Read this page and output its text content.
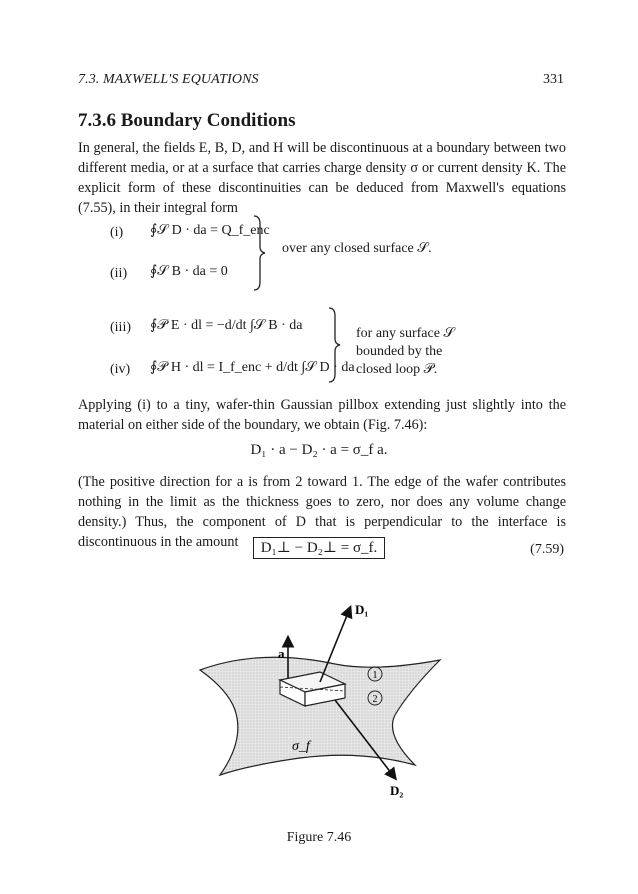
7.3. MAXWELL'S EQUATIONS	331
7.3.6 Boundary Conditions

In general, the fields E, B, D, and H will be discontinuous at a boundary between two different media, or at a surface that carries charge density σ or current density K. The explicit form of these discontinuities can be deduced from Maxwell's equations (7.55), in their integral form

(i) ∮𝒮 D · da = Q_f_enc
(ii) ∮𝒮 B · da = 0
over any closed surface 𝒮.
(iii) ∮𝒫 E · dl = −d/dt ∫𝒮 B · da
(iv) ∮𝒫 H · dl = I_f_enc + d/dt ∫𝒮 D · da
for any surface 𝒮
bounded by the
closed loop 𝒫.

Applying (i) to a tiny, wafer-thin Gaussian pillbox extending just slightly into the material on either side of the boundary, we obtain (Fig. 7.46):

D₁ · a − D₂ · a = σ_f a.

(The positive direction for a is from 2 toward 1. The edge of the wafer contributes nothing in the limit as the thickness goes to zero, nor does any volume change density.) Thus, the component of D that is perpendicular to the interface is discontinuous in the amount	D₁⊥ − D₂⊥ = σ_f.	(7.59)
a
D₁
D₂
1
2
σ_f
Figure 7.46
